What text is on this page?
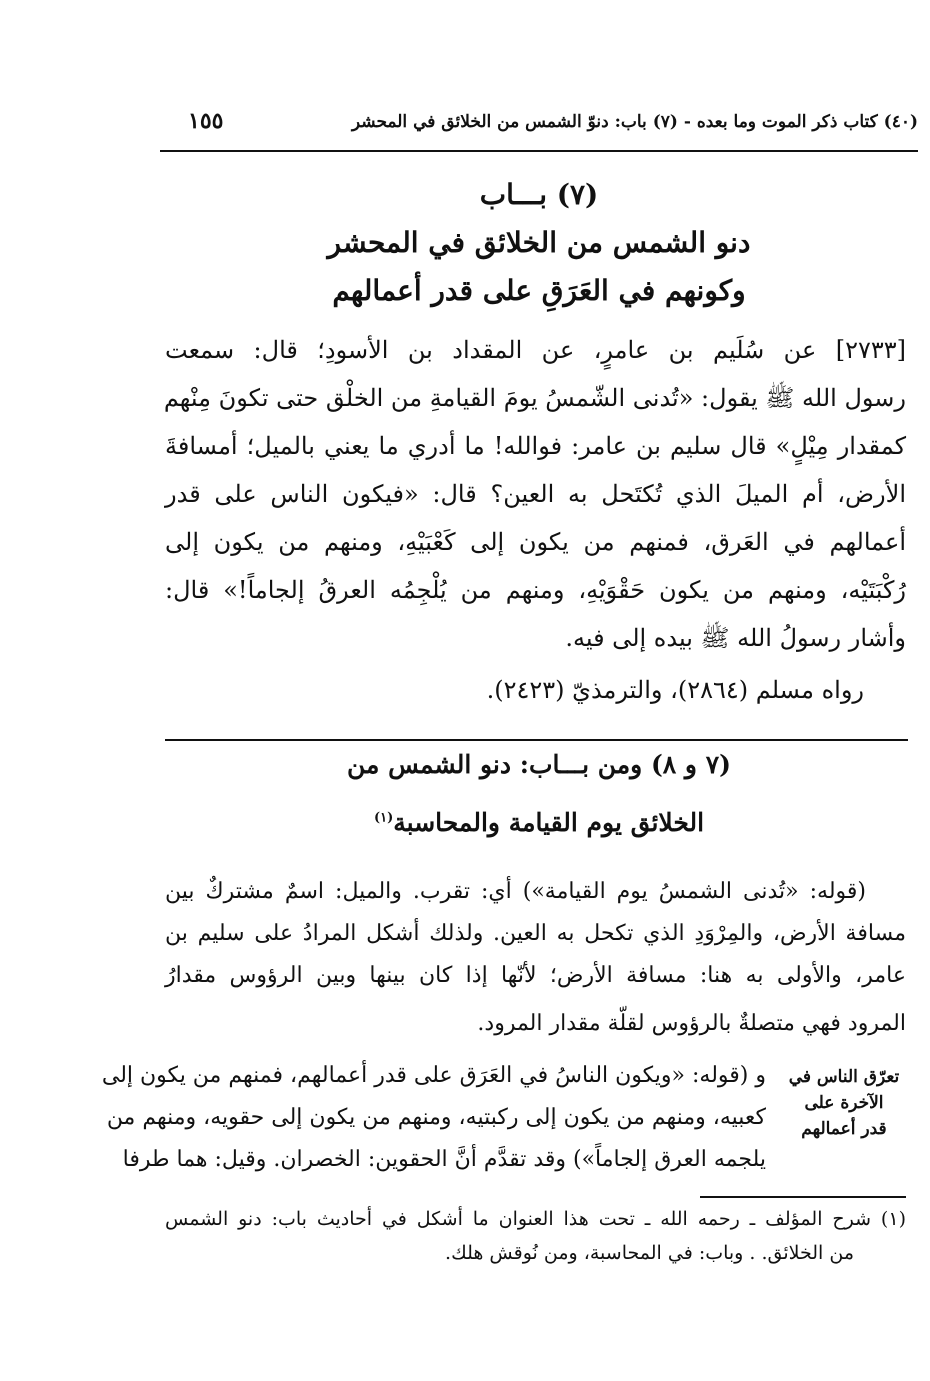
(٤٠) كتاب ذكر الموت وما بعده - (٧) باب: دنوّ الشمس من الخلائق في المحشر
١٥٥
(٧) بـــاب
دنو الشمس من الخلائق في المحشر
وكونهم في العَرَقِ على قدر أعمالهم
[٢٧٣٣] عن سُلَيم بن عامرٍ، عن المقداد بن الأسودِ؛ قال: سمعت
رسول الله ﷺ يقول: «تُدنى الشّمسُ يومَ القيامةِ من الخلْق حتى تكونَ مِنْهم
كمقدار مِيْلٍ» قال سليم بن عامر: فوالله! ما أدري ما يعني بالميل؛ أمسافةَ
الأرض، أم الميلَ الذي تُكتَحل به العين؟ قال: «فيكون الناس على قدر
أعمالهم في العَرق، فمنهم من يكون إلى كَعْبَيْهِ، ومنهم من يكون إلى
رُكْبَتَيْه، ومنهم من يكون حَقْوَيْهِ، ومنهم من يُلْجِمُه العرقُ إلجاماً!» قال:
وأشار رسولُ الله ﷺ بيده إلى فيه.
رواه مسلم (٢٨٦٤)، والترمذيّ (٢٤٢٣).
(٧ و ٨) ومن بـــاب: دنو الشمس من
الخلائق يوم القيامة والمحاسبة$^{(١)}$
(قوله: «تُدنى الشمسُ يوم القيامة») أي: تقرب. والميل: اسمٌ مشتركٌ بين
مسافة الأرض، والمِرْوَدِ الذي تكحل به العين. ولذلك أشكل المرادُ على سليم بن
عامر، والأولى به هنا: مسافة الأرض؛ لأنّها إذا كان بينها وبين الرؤوس مقدارُ
المرود فهي متصلةٌ بالرؤوس لقلّة مقدار المرود.
و (قوله: «ويكون الناسُ في العَرَق على قدر أعمالهم، فمنهم من يكون إلى
كعبيه، ومنهم من يكون إلى ركبتيه، ومنهم من يكون إلى حقويه، ومنهم من
يلجمه العرق إلجاماً») وقد تقدَّم أنَّ الحقوين: الخصران. وقيل: هما طرفا
تعرّق الناس في
الآخرة على
قدر أعمالهم
(١) شرح المؤلف ـ رحمه الله ـ تحت هذا العنوان ما أشكل في أحاديث باب: دنو الشمس
من الخلائق. . وباب: في المحاسبة، ومن نُوقش هلك.
